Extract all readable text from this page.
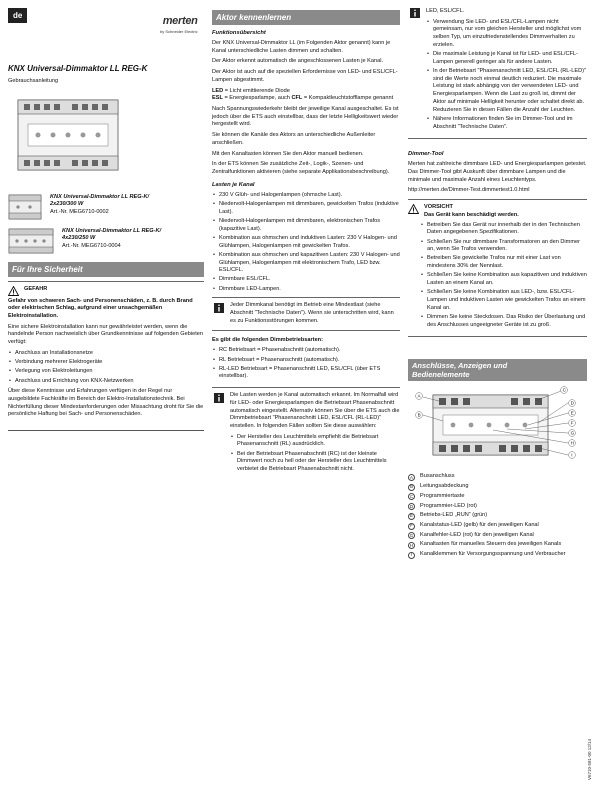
de	merten
by Schneider Electric
KNX Universal-Dimmaktor LL REG-K
Gebrauchsanleitung
KNX Universal-Dimmaktor LL REG-K/
2x230/300 W
Art.-Nr. MEG6710-0002
KNX Universal-Dimmaktor LL REG-K/
4x230/250 W
Art.-Nr. MEG6710-0004
Für Ihre Sicherheit
GEFAHR

Gefahr von schweren Sach- und Personenschäden, z. B. durch Brand oder elektrischen Schlag, aufgrund einer unsachgemäßen Elektroinstallation.

Eine sichere Elektroinstallation kann nur gewährleistet werden, wenn die handelnde Person nachweislich über Grundkenntnisse auf folgenden Gebieten verfügt:

• Anschluss an Installationsnetze
• Verbindung mehrerer Elektrogeräte
• Verlegung von Elektroleitungen
• Anschluss und Errichtung von KNX-Netzwerken

Über diese Kenntnisse und Erfahrungen verfügen in der Regel nur ausgebildete Fachkräfte im Bereich der Elektro-Installationstechnik. Bei Nichterfüllung dieser Mindestanforderungen oder Missachtung droht für Sie die persönliche Haftung bei Sach- und Personenschäden.

Aktor kennenlernen
Funktionsübersicht

Der KNX Universal-Dimmaktor LL (im Folgenden Aktor genannt) kann je Kanal unterschiedliche Lasten dimmen und schalten.

Der Aktor erkennt automatisch die angeschlossenen Lasten je Kanal.

Der Aktor ist auch auf die speziellen Erfordernisse von LED- und ESL/CFL-Lampen abgestimmt.

LED = Licht emittierende Diode
ESL = Energiesparlampe, auch CFL = Kompaktleuchtstofflampe genannt

Nach Spannungswiederkehr bleibt der jeweilige Kanal ausgeschaltet. Es ist jedoch über die ETS auch einstellbar, dass der letzte Helligkeitswert wieder hergestellt wird.

Sie können die Kanäle des Aktors an unterschiedliche Außenleiter anschließen.

Mit den Kanaltasten können Sie den Aktor manuell bedienen.

In der ETS können Sie zusätzliche Zeit-, Logik-, Szenen- und Zentralfunktionen aktivieren (siehe separate Applikationsbeschreibung).

Lasten je Kanal
• 230 V Glüh- und Halogenlampen (ohmsche Last).
• Niedervolt-Halogenlampen mit dimmbaren, gewickelten Trafos (induktive Last).
• Niedervolt-Halogenlampen mit dimmbaren, elektronischen Trafos (kapazitive Last).
• Kombination aus ohmschen und induktiven Lasten: 230 V Halogen- und Glühlampen, Halogenlampen mit gewickelten Trafos.
• Kombination aus ohmschen und kapazitiven Lasten: 230 V Halogen- und Glühlampen, Halogenlampen mit elektronischem Trafo, LED bzw. ESL/CFL.
• Dimmbare ESL/CFL.
• Dimmbare LED-Lampen.

Jeder Dimmkanal benötigt im Betrieb eine Mindestlast (siehe Abschnitt "Technische Daten"). Wenn sie unterschritten wird, kann es zu Funktionsstörungen kommen.

Es gibt die folgenden Dimmbetriebsarten:

• RC Betriebsart = Phasenabschnitt (automatisch).
• RL Betriebsart = Phasenanschnitt (automatisch).
• RL-LED Betriebsart = Phasenanschnitt LED, ESL/CFL (über ETS einstellbar).

Die Lasten werden je Kanal automatisch erkannt. Im Normalfall wird für LED- oder Energiesparlampen die Betriebsart Phasenabschnitt automatisch eingestellt. Alternativ können Sie über die ETS auch die Dimmbetriebsart "Phasenanschnitt LED, ESL/CFL (RL-LED)" einstellen. In folgenden Fällen sollten Sie diese auswählen:

• Der Hersteller des Leuchtmittels empfiehlt die Betriebsart Phasenanschnitt (RL) ausdrücklich.
• Bei der Betriebsart Phasenabschnitt (RC) ist der kleinste Dimmwert noch zu hell oder der Hersteller des Leuchtmittels verbietet die Betriebsart Phasenabschnitt nicht.

LED, ESL/CFL.

• Verwendung Sie LED- und ESL/CFL-Lampen nicht gemeinsam, nur vom gleichen Hersteller und möglichst vom selben Typ, um einzufriedenstellendes Dimmverhalten zu erzielen.
• Die maximale Leistung je Kanal ist für LED- und ESL/CFL-Lampen generell geringer als für andere Lasten.
• In der Betriebsart "Phasenanschnitt LED, ESL/CFL (RL-LED)" sind die Werte noch einmal deutlich reduziert. Die maximale Leistung ist stark abhängig von der verwendeten LED- und Energiesparlampen. Wenn die Last zu groß ist, dimmt der Aktor auf minimale Helligkeit herunter oder schaltet direkt ab. Reduzieren Sie in diesen Fällen die Anzahl der Leuchten.
• Nähere Informationen finden Sie im Dimmer-Tool und im Abschnitt "Technische Daten".
Dimmer-Tool

Merten hat zahlreiche dimmbare LED- und Energiesparlampen getestet. Das Dimmer-Tool gibt Auskunft über dimmbare Lampen und die minimale und maximale Anzahl eines Leuchtentyps.

http://merten.de/Dimmer-Test.dimmertest1.0.html

VORSICHT
Das Gerät kann beschädigt werden.
• Betreiben Sie das Gerät nur innerhalb der in den Technischen Daten angegebenen Spezifikationen.
• Schließen Sie nur dimmbare Transformatoren an den Dimmer an, wenn Sie Trafos verwenden.
• Betreiben Sie gewickelte Trafos nur mit einer Last von mindestens 30% der Nennlast.
• Schließen Sie keine Kombination aus kapazitiven und induktiven Lasten an einem Kanal an.
• Schließen Sie keine Kombination aus LED-, bzw. ESL/CFL-Lampen und induktiven Lasten wie gewickelten Trafos an einem Kanal an.
• Dimmen Sie keine Steckdosen. Das Risiko der Überlastung und des Anschlusses ungeeigneter Geräte ist zu groß.
Anschlüsse, Anzeigen und
Bedienelemente
A
B
C
D
E
F
G
H
I
A	Busanschluss
B	Leitungsabdeckung
C	Programmiertaste
D	Programmier-LED (rot)
E	Betriebs-LED „RUN“ (grün)
F	Kanalstatus-LED (gelb) für den jeweiligen Kanal
G	Kanalfehler-LED (rot) für den jeweiligen Kanal
H	Kanaltasten für manuelles Steuern des jeweiligen Kanals
I	Kanalklemmen für Versorgungsspannung und Verbraucher
V6710-581-00 12/14
